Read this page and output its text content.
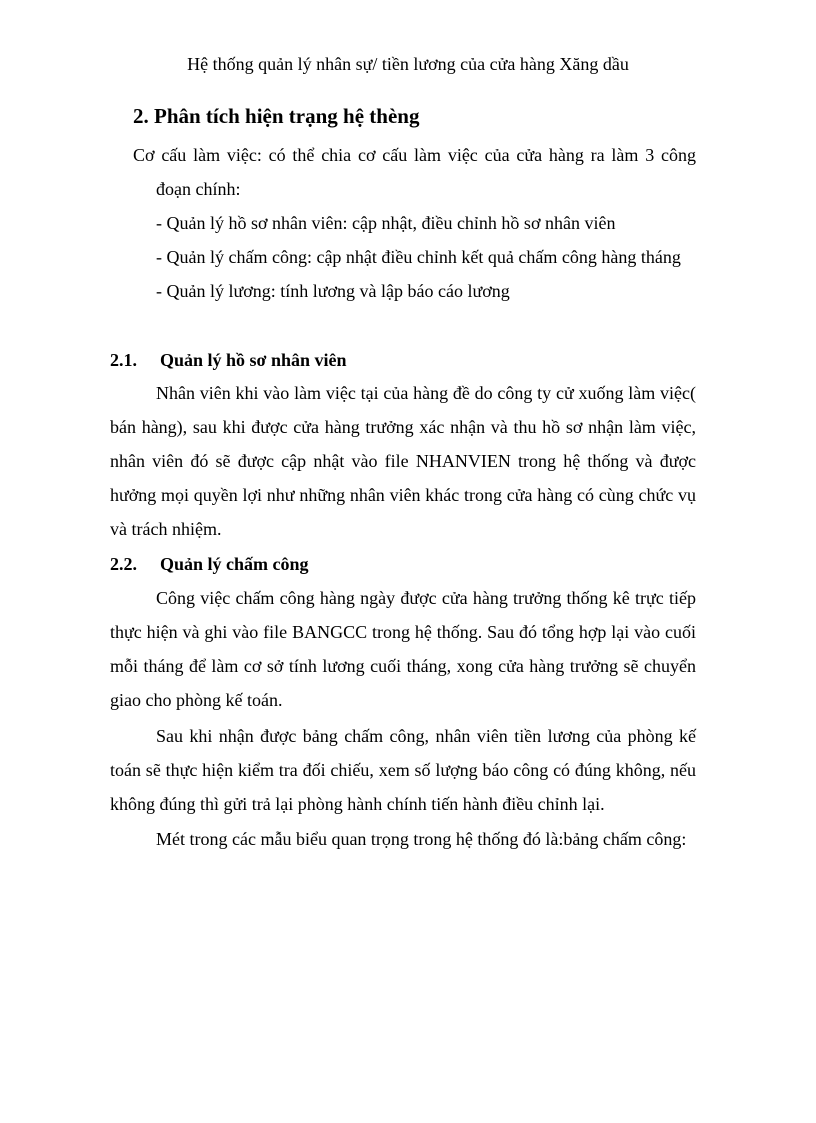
Hệ thống quản lý nhân sự/ tiền lương của cửa hàng Xăng dầu
2. Phân tích hiện trạng hệ thèng

Cơ cấu làm việc: có thể chia cơ cấu làm việc của cửa hàng ra làm 3 công đoạn chính:

- Quản lý hồ sơ nhân viên: cập nhật, điều chỉnh hồ sơ nhân viên

- Quản lý chấm công: cập nhật điều chỉnh kết quả chấm công hàng tháng

- Quản lý lương: tính lương và lập báo cáo lương

2.1. Quản lý hồ sơ nhân viên
Nhân viên khi vào làm việc tại của hàng đề do công ty cử xuống làm việc( bán hàng), sau khi được cửa hàng trưởng xác nhận và thu hồ sơ nhận làm việc, nhân viên đó sẽ được cập nhật vào file NHANVIEN trong hệ thống và được hưởng mọi quyền lợi như những nhân viên khác trong cửa hàng có cùng chức vụ và trách nhiệm.
2.2. Quản lý chấm công
Công việc chấm công hàng ngày được cửa hàng trưởng thống kê trực tiếp thực hiện và ghi vào file BANGCC trong hệ thống. Sau đó tổng hợp lại vào cuối mỗi tháng để làm cơ sở tính lương cuối tháng, xong cửa hàng trưởng sẽ chuyển giao cho phòng kế toán.
Sau khi nhận được bảng chấm công, nhân viên tiền lương của phòng kế toán sẽ thực hiện kiểm tra đối chiếu, xem số lượng báo công có đúng không, nếu không đúng thì gửi trả lại phòng hành chính tiến hành điều chỉnh lại.
Mét trong các mẫu biểu quan trọng trong hệ thống đó là:bảng chấm công:
